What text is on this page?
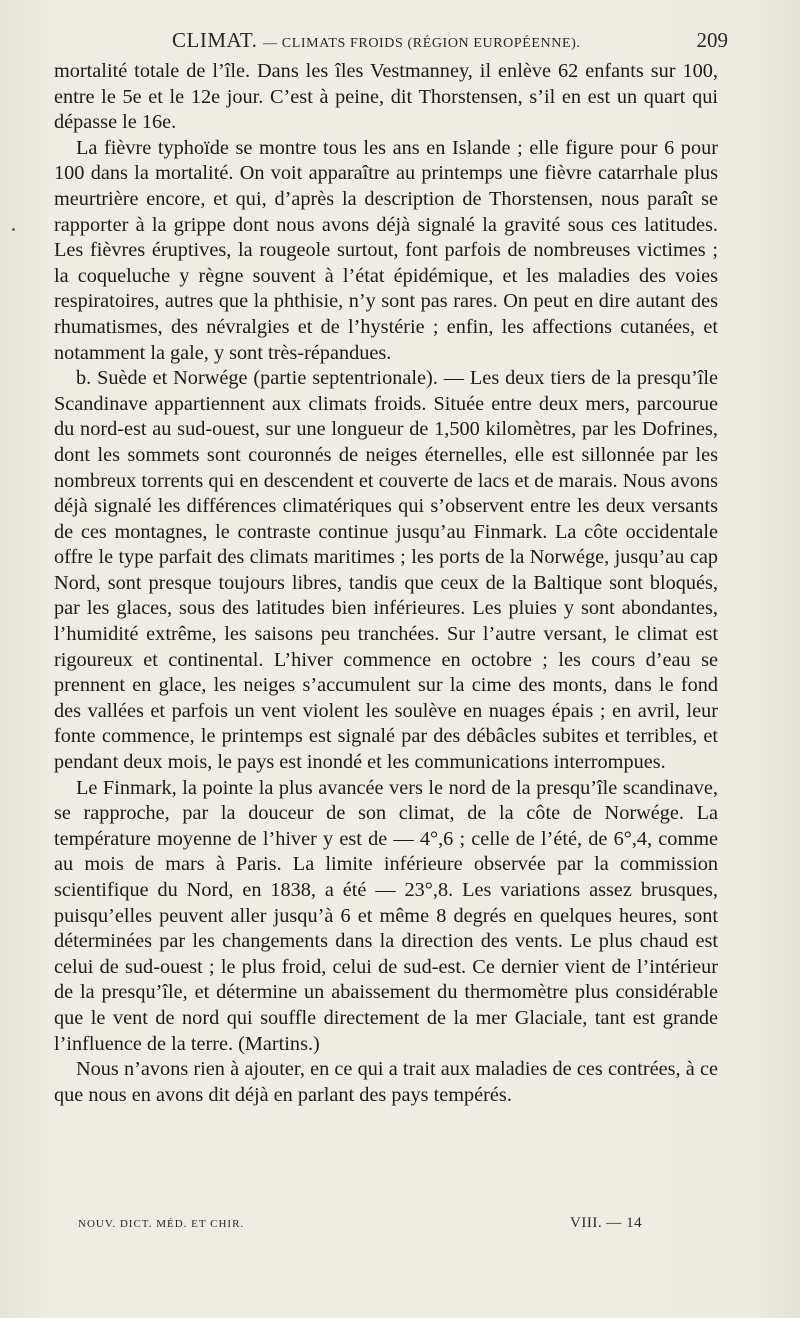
CLIMAT. — CLIMATS FROIDS (RÉGION EUROPÉENNE).	209

mortalité totale de l’île. Dans les îles Vestmanney, il enlève 62 enfants sur 100, entre le 5e et le 12e jour. C’est à peine, dit Thorstensen, s’il en est un quart qui dépasse le 16e.

La fièvre typhoïde se montre tous les ans en Islande ; elle figure pour 6 pour 100 dans la mortalité. On voit apparaître au printemps une fièvre catarrhale plus meurtrière encore, et qui, d’après la description de Thorstensen, nous paraît se rapporter à la grippe dont nous avons déjà signalé la gravité sous ces latitudes. Les fièvres éruptives, la rougeole surtout, font parfois de nombreuses victimes ; la coqueluche y règne souvent à l’état épidémique, et les maladies des voies respiratoires, autres que la phthisie, n’y sont pas rares. On peut en dire autant des rhumatismes, des névralgies et de l’hystérie ; enfin, les affections cutanées, et notamment la gale, y sont très-répandues.

b. Suède et Norwége (partie septentrionale). — Les deux tiers de la presqu’île Scandinave appartiennent aux climats froids. Située entre deux mers, parcourue du nord-est au sud-ouest, sur une longueur de 1,500 kilomètres, par les Dofrines, dont les sommets sont couronnés de neiges éternelles, elle est sillonnée par les nombreux torrents qui en descendent et couverte de lacs et de marais. Nous avons déjà signalé les différences climatériques qui s’observent entre les deux versants de ces montagnes, le contraste continue jusqu’au Finmark. La côte occidentale offre le type parfait des climats maritimes ; les ports de la Norwége, jusqu’au cap Nord, sont presque toujours libres, tandis que ceux de la Baltique sont bloqués, par les glaces, sous des latitudes bien inférieures. Les pluies y sont abondantes, l’humidité extrême, les saisons peu tranchées. Sur l’autre versant, le climat est rigoureux et continental. L’hiver commence en octobre ; les cours d’eau se prennent en glace, les neiges s’accumulent sur la cime des monts, dans le fond des vallées et parfois un vent violent les soulève en nuages épais ; en avril, leur fonte commence, le printemps est signalé par des débâcles subites et terribles, et pendant deux mois, le pays est inondé et les communications interrompues.

Le Finmark, la pointe la plus avancée vers le nord de la presqu’île scandinave, se rapproche, par la douceur de son climat, de la côte de Norwége. La température moyenne de l’hiver y est de — 4°,6 ; celle de l’été, de 6°,4, comme au mois de mars à Paris. La limite inférieure observée par la commission scientifique du Nord, en 1838, a été — 23°,8. Les variations assez brusques, puisqu’elles peuvent aller jusqu’à 6 et même 8 degrés en quelques heures, sont déterminées par les changements dans la direction des vents. Le plus chaud est celui de sud-ouest ; le plus froid, celui de sud-est. Ce dernier vient de l’intérieur de la presqu’île, et détermine un abaissement du thermomètre plus considérable que le vent de nord qui souffle directement de la mer Glaciale, tant est grande l’influence de la terre. (Martins.)

Nous n’avons rien à ajouter, en ce qui a trait aux maladies de ces contrées, à ce que nous en avons dit déjà en parlant des pays tempérés.

NOUV. DICT. MÉD. ET CHIR.	VIII. — 14
